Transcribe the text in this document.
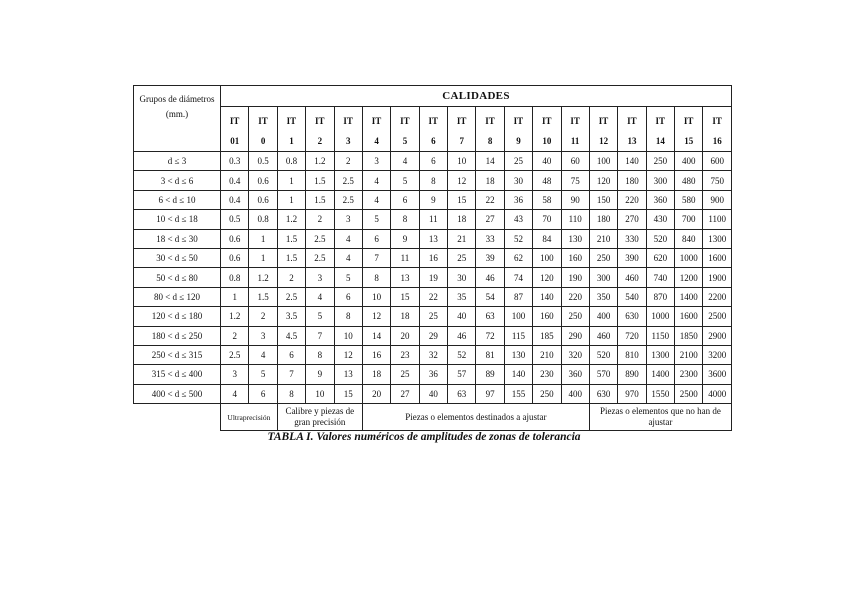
Grupos de diámetros (mm.)	CALIDADES																	
	IT	IT	IT	IT	IT	IT	IT	IT	IT	IT	IT	IT	IT	IT	IT	IT	IT	IT
	01	0	1	2	3	4	5	6	7	8	9	10	11	12	13	14	15	16
d ≤ 3	0.3	0.5	0.8	1.2	2	3	4	6	10	14	25	40	60	100	140	250	400	600
3 < d ≤ 6	0.4	0.6	1	1.5	2.5	4	5	8	12	18	30	48	75	120	180	300	480	750
6 < d ≤ 10	0.4	0.6	1	1.5	2.5	4	6	9	15	22	36	58	90	150	220	360	580	900
10 < d ≤ 18	0.5	0.8	1.2	2	3	5	8	11	18	27	43	70	110	180	270	430	700	1100
18 < d ≤ 30	0.6	1	1.5	2.5	4	6	9	13	21	33	52	84	130	210	330	520	840	1300
30 < d ≤ 50	0.6	1	1.5	2.5	4	7	11	16	25	39	62	100	160	250	390	620	1000	1600
50 < d ≤ 80	0.8	1.2	2	3	5	8	13	19	30	46	74	120	190	300	460	740	1200	1900
80 < d ≤ 120	1	1.5	2.5	4	6	10	15	22	35	54	87	140	220	350	540	870	1400	2200
120 < d ≤ 180	1.2	2	3.5	5	8	12	18	25	40	63	100	160	250	400	630	1000	1600	2500
180 < d ≤ 250	2	3	4.5	7	10	14	20	29	46	72	115	185	290	460	720	1150	1850	2900
250 < d ≤ 315	2.5	4	6	8	12	16	23	32	52	81	130	210	320	520	810	1300	2100	3200
315 < d ≤ 400	3	5	7	9	13	18	25	36	57	89	140	230	360	570	890	1400	2300	3600
400 < d ≤ 500	4	6	8	10	15	20	27	40	63	97	155	250	400	630	970	1550	2500	4000
	Ultraprecisión		Calibre y piezas de gran precisión			Piezas o elementos destinados a ajustar								Piezas o elementos que no han de ajustar				
TABLA I. Valores numéricos de amplitudes de zonas de tolerancia
